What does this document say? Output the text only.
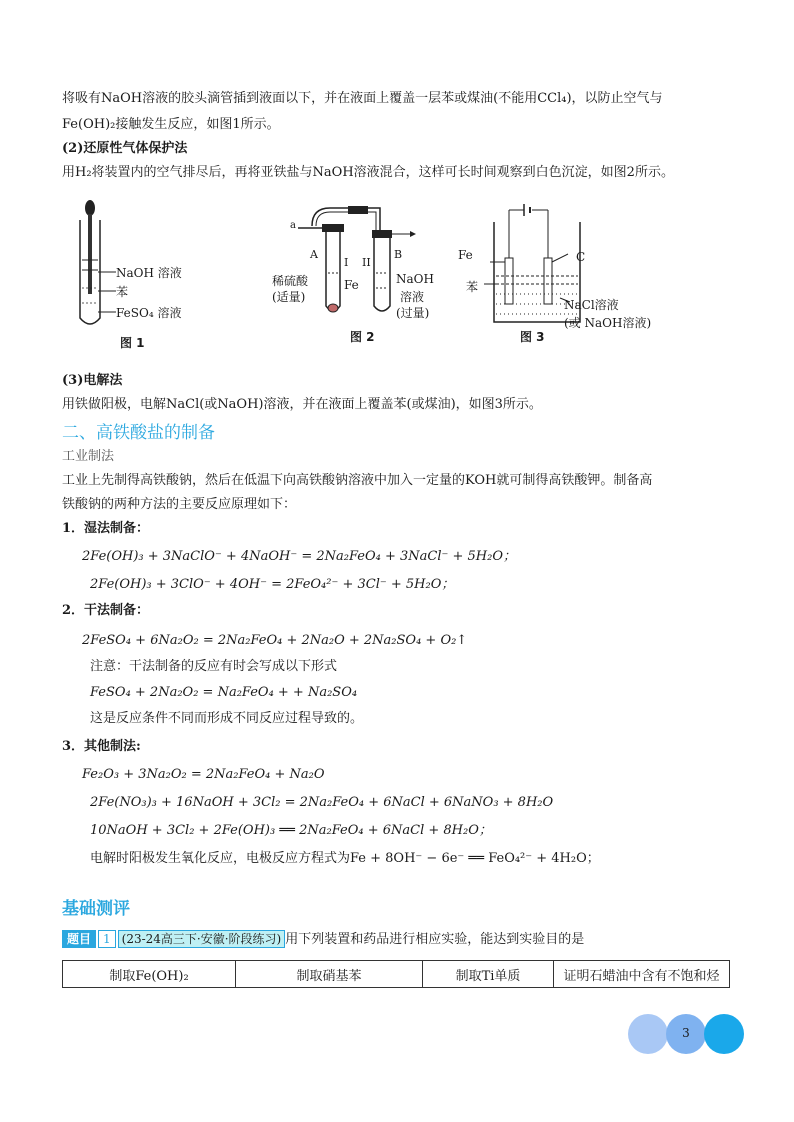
将吸有NaOH溶液的胶头滴管插到液面以下，并在液面上覆盖一层苯或煤油(不能用CCl₄)，以防止空气与
Fe(OH)₂接触发生反应，如图1所示。
(2)还原性气体保护法
用H₂将装置内的空气排尽后，再将亚铁盐与NaOH溶液混合，这样可长时间观察到白色沉淀，如图2所示。
NaOH 溶液
苯
FeSO₄ 溶液
图 1
a
A	B
I II
稀硫酸
(适量)
Fe	NaOH
溶液
(过量)
图 2
Fe	C
苯
NaCl溶液
(或 NaOH溶液)
图 3
(3)电解法
用铁做阳极，电解NaCl(或NaOH)溶液，并在液面上覆盖苯(或煤油)，如图3所示。
二、高铁酸盐的制备
工业制法
工业上先制得高铁酸钠，然后在低温下向高铁酸钠溶液中加入一定量的KOH就可制得高铁酸钾。制备高
铁酸钠的两种方法的主要反应原理如下：
1．湿法制备：
2Fe(OH)₃ + 3NaClO⁻ + 4NaOH⁻ = 2Na₂FeO₄ + 3NaCl⁻ + 5H₂O；
2Fe(OH)₃ + 3ClO⁻ + 4OH⁻ = 2FeO₄²⁻ + 3Cl⁻ + 5H₂O；
2．干法制备：
2FeSO₄ + 6Na₂O₂ = 2Na₂FeO₄ + 2Na₂O + 2Na₂SO₄ + O₂↑
注意：干法制备的反应有时会写成以下形式
FeSO₄ + 2Na₂O₂ = Na₂FeO₄ + + Na₂SO₄
这是反应条件不同而形成不同反应过程导致的。
3．其他制法:
Fe₂O₃ + 3Na₂O₂ = 2Na₂FeO₄ + Na₂O
2Fe(NO₃)₃ + 16NaOH + 3Cl₂ = 2Na₂FeO₄ + 6NaCl + 6NaNO₃ + 8H₂O
10NaOH + 3Cl₂ + 2Fe(OH)₃ ══ 2Na₂FeO₄ + 6NaCl + 8H₂O；
电解时阳极发生氧化反应，电极反应方程式为Fe + 8OH⁻ − 6e⁻ ══ FeO₄²⁻ + 4H₂O；
基础测评
题目 1 (23-24高三下·安徽·阶段练习) 用下列装置和药品进行相应实验，能达到实验目的是
制取Fe(OH)₂	制取硝基苯	制取Ti单质	证明石蜡油中含有不饱和烃
3
